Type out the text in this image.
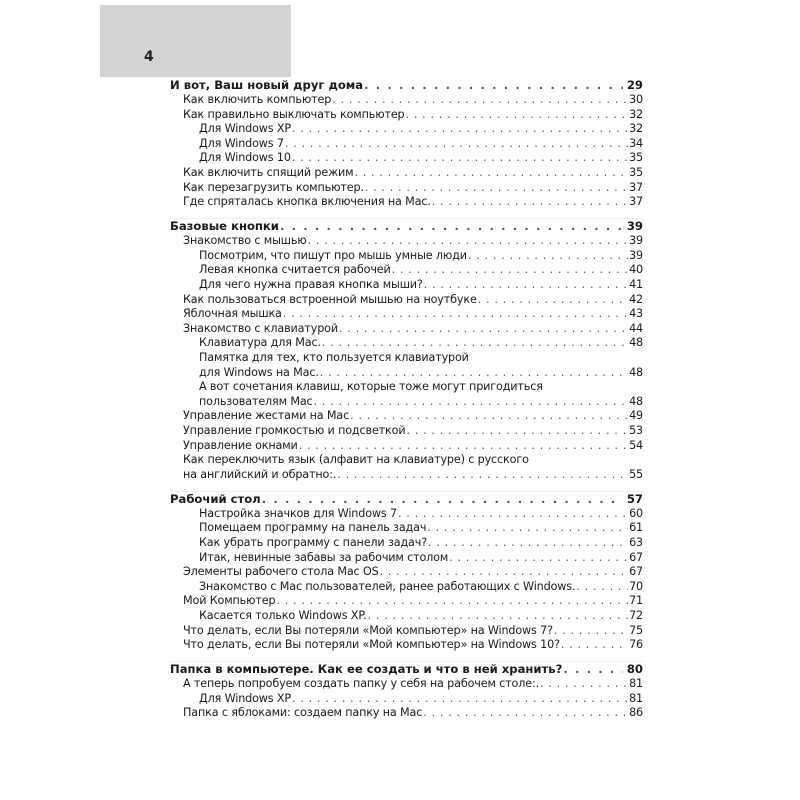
4
И вот, Ваш новый друг дома . . .	29
Как включить компьютер . . .	30
Как правильно выключать компьютер . . .	32
Для Windows XP . . .	32
Для Windows 7 . . .	34
Для Windows 10 . . .	35
Как включить спящий режим . . .	35
Как перезагрузить компьютер. . . .	37
Где спряталась кнопка включения на Mac. . . .	37
Базовые кнопки . . .	39
Знакомство с мышью . . .	39
Посмотрим, что пишут про мышь умные люди . . .	39
Левая кнопка считается рабочей . . .	40
Для чего нужна правая кнопка мыши? . . .	41
Как пользоваться встроенной мышью на ноутбуке . . .	42
Яблочная мышка . . .	43
Знакомство с клавиатурой . . .	44
Клавиатура для Mac. . . .	48
Памятка для тех, кто пользуется клавиатурой
для Windows на Mac. . . .	48
А вот сочетания клавиш, которые тоже могут пригодиться
пользователям Mac . . .	48
Управление жестами на Mac . . .	49
Управление громкостью и подсветкой . . .	53
Управление окнами . . .	54
Как переключить язык (алфавит на клавиатуре) с русского
на английский и обратно:. . . .	55
Рабочий стол . . .	57
Настройка значков для Windows 7 . . .	60
Помещаем программу на панель задач . . .	61
Как убрать программу с панели задач? . . .	63
Итак, невинные забавы за рабочим столом . . .	67
Элементы рабочего стола Mac OS . . .	67
Знакомство с Mac пользователей, ранее работающих с Windows. . . .	70
Мой Компьютер . . .	71
Касается только Windows XP. . . .	72
Что делать, если Вы потеряли «Мой компьютер» на Windows 7? . . .	75
Что делать, если Вы потеряли «Мой компьютер» на Windows 10? . . .	76
Папка в компьютере. Как ее создать и что в ней хранить? . . .	80
А теперь попробуем создать папку у себя на рабочем столе:. . . .	81
Для Windows XP . . .	81
Папка с яблоками: создаем папку на Mac . . .	86
